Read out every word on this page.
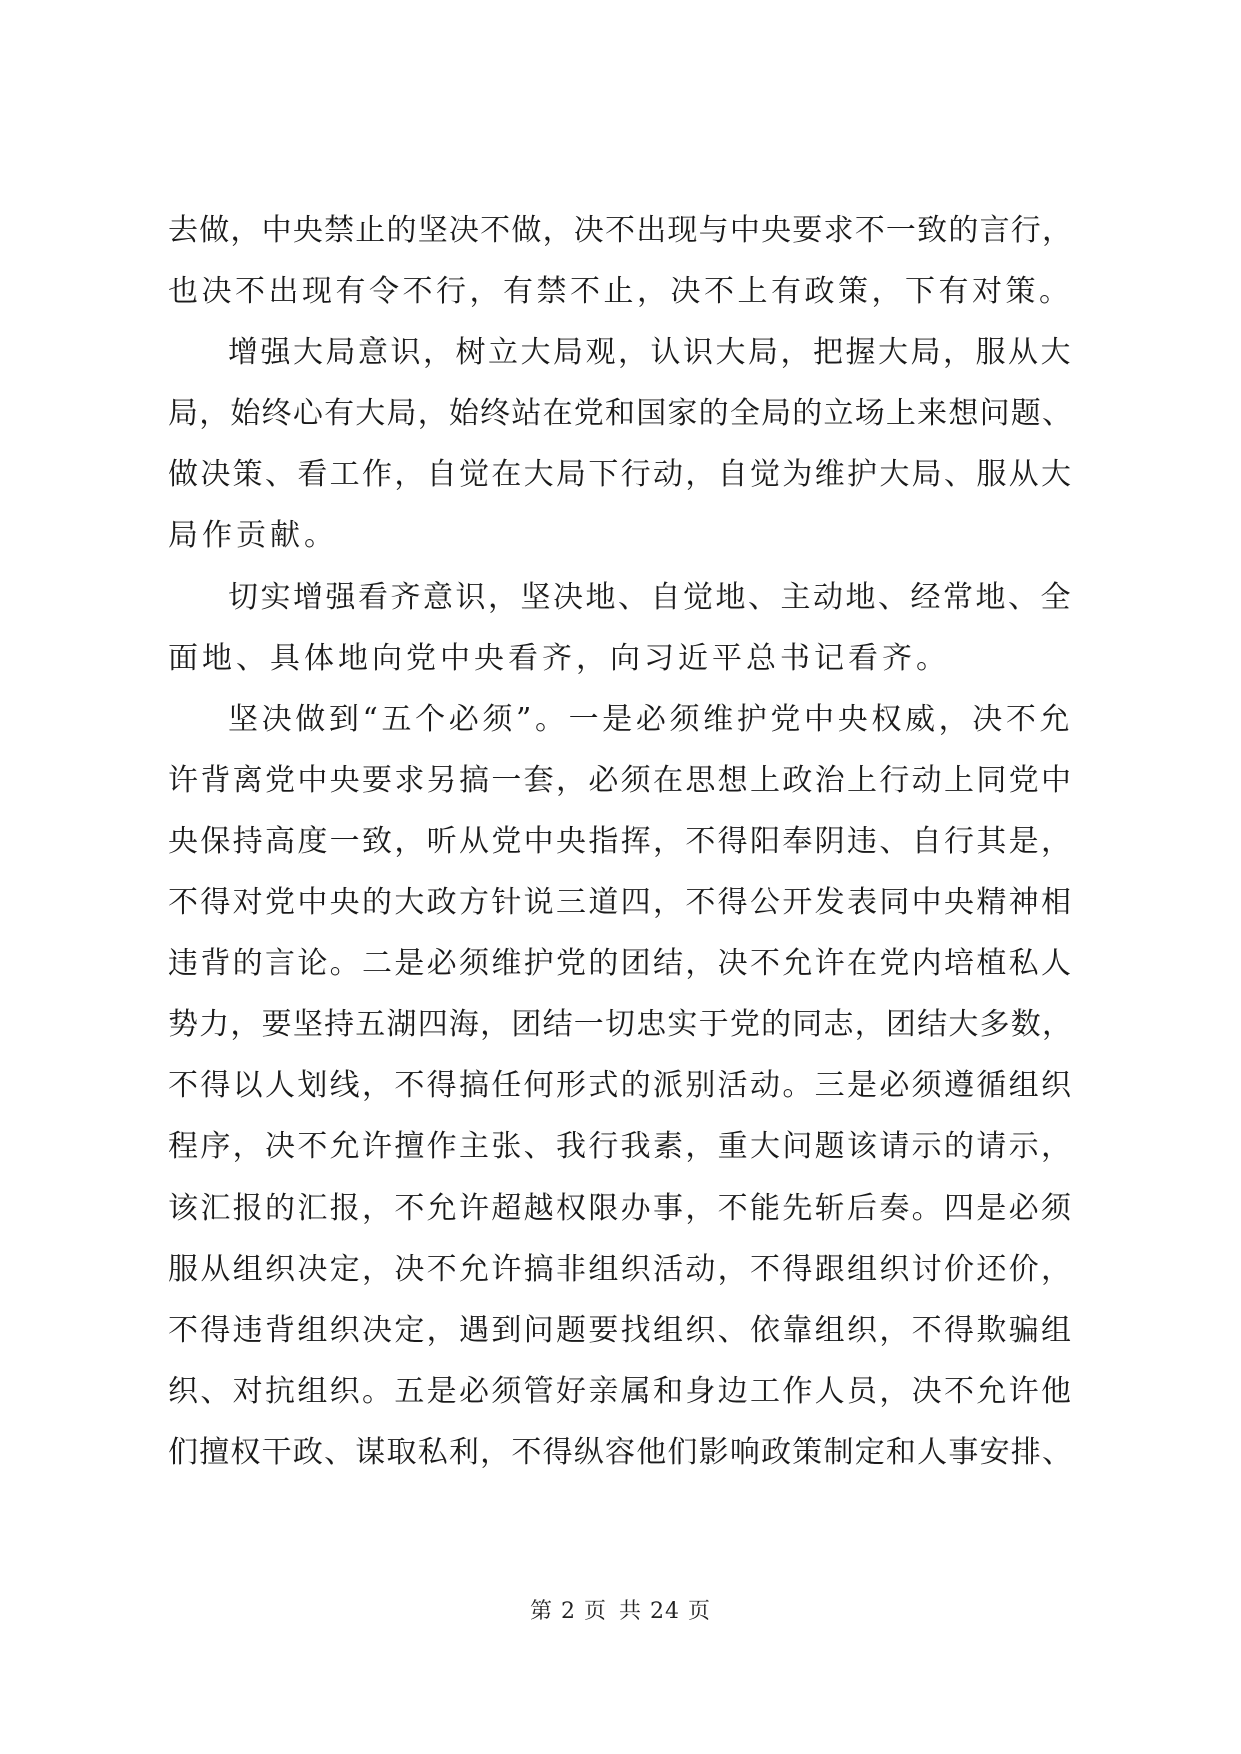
去做，中央禁止的坚决不做，决不出现与中央要求不一致的言行，
也决不出现有令不行，有禁不止，决不上有政策，下有对策。
增强大局意识，树立大局观，认识大局，把握大局，服从大
局，始终心有大局，始终站在党和国家的全局的立场上来想问题、
做决策、看工作，自觉在大局下行动，自觉为维护大局、服从大
局作贡献。
切实增强看齐意识，坚决地、自觉地、主动地、经常地、全
面地、具体地向党中央看齐，向习近平总书记看齐。
坚决做到“五个必须”。一是必须维护党中央权威，决不允
许背离党中央要求另搞一套，必须在思想上政治上行动上同党中
央保持高度一致，听从党中央指挥，不得阳奉阴违、自行其是，
不得对党中央的大政方针说三道四，不得公开发表同中央精神相
违背的言论。二是必须维护党的团结，决不允许在党内培植私人
势力，要坚持五湖四海，团结一切忠实于党的同志，团结大多数，
不得以人划线，不得搞任何形式的派别活动。三是必须遵循组织
程序，决不允许擅作主张、我行我素，重大问题该请示的请示，
该汇报的汇报，不允许超越权限办事，不能先斩后奏。四是必须
服从组织决定，决不允许搞非组织活动，不得跟组织讨价还价，
不得违背组织决定，遇到问题要找组织、依靠组织，不得欺骗组
织、对抗组织。五是必须管好亲属和身边工作人员，决不允许他
们擅权干政、谋取私利，不得纵容他们影响政策制定和人事安排、
第 2 页 共 24 页
